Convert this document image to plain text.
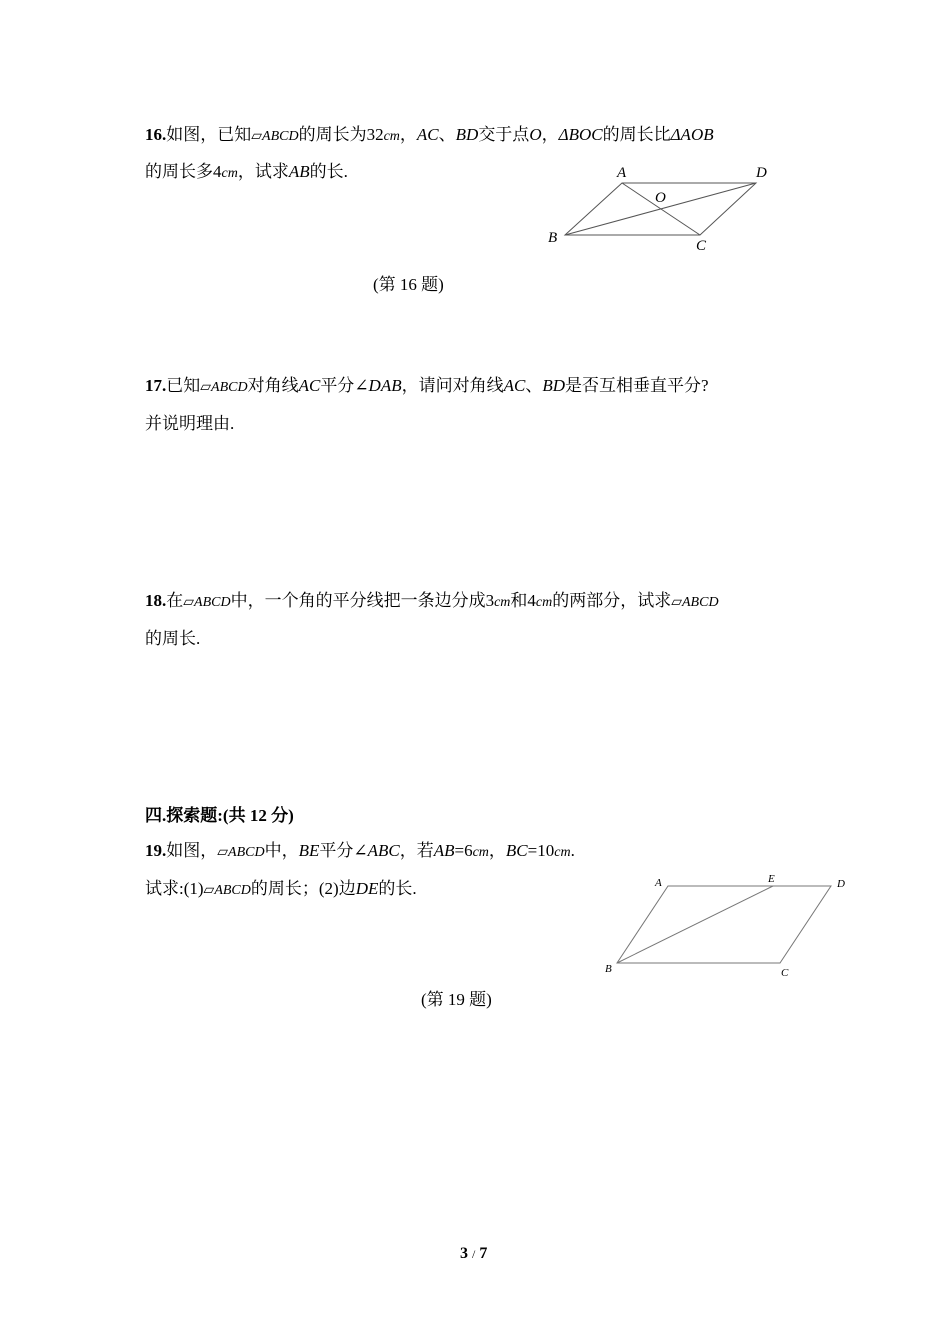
16.如图，已知▱ABCD的周长为32cm，AC、BD交于点O，ΔBOC的周长比ΔAOB
的周长多4cm，试求AB的长.	A	D
O
B	C
(第 16 题)
17.已知▱ABCD对角线AC平分∠DAB，请问对角线AC、BD是否互相垂直平分?
并说明理由.
18.在▱ABCD中，一个角的平分线把一条边分成3cm和4cm的两部分，试求▱ABCD
的周长.
四.探索题:(共 12 分)
19.如图，▱ABCD中，BE平分∠ABC，若AB=6cm，BC=10cm.
试求:(1)▱ABCD的周长；(2)边DE的长.	A	E	D
B	C
(第 19 题)
3 / 7
